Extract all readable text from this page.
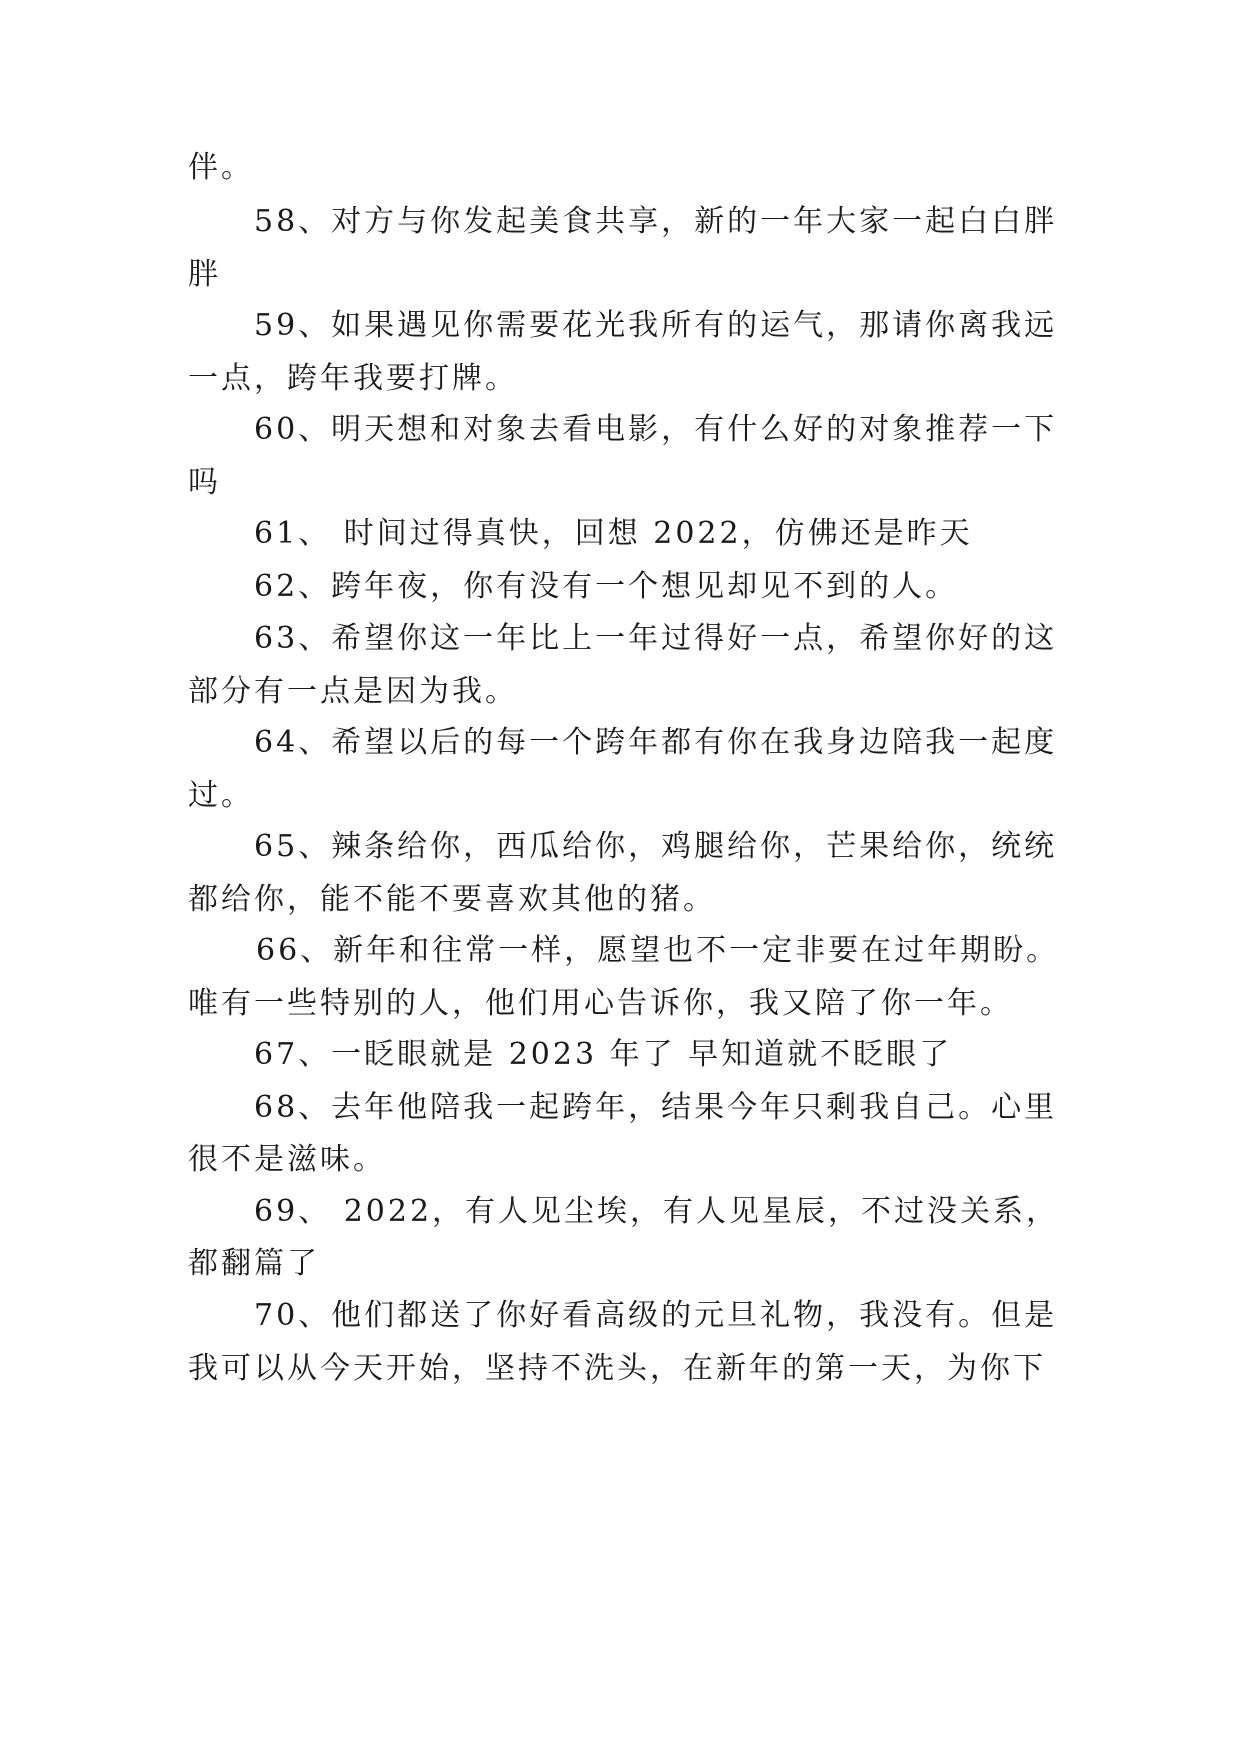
伴。
58、对方与你发起美食共享，新的一年大家一起白白胖
胖
59、如果遇见你需要花光我所有的运气，那请你离我远
一点，跨年我要打牌。
60、明天想和对象去看电影，有什么好的对象推荐一下
吗
61、 时间过得真快，回想 2022，仿佛还是昨天
62、跨年夜，你有没有一个想见却见不到的人。
63、希望你这一年比上一年过得好一点，希望你好的这
部分有一点是因为我。
64、希望以后的每一个跨年都有你在我身边陪我一起度
过。
65、辣条给你，西瓜给你，鸡腿给你，芒果给你，统统
都给你，能不能不要喜欢其他的猪。
66、新年和往常一样，愿望也不一定非要在过年期盼。
唯有一些特别的人，他们用心告诉你，我又陪了你一年。
67、一眨眼就是 2023 年了 早知道就不眨眼了
68、去年他陪我一起跨年，结果今年只剩我自己。心里
很不是滋味。
69、 2022，有人见尘埃，有人见星辰，不过没关系，
都翻篇了
70、他们都送了你好看高级的元旦礼物，我没有。但是
我可以从今天开始，坚持不洗头，在新年的第一天，为你下
